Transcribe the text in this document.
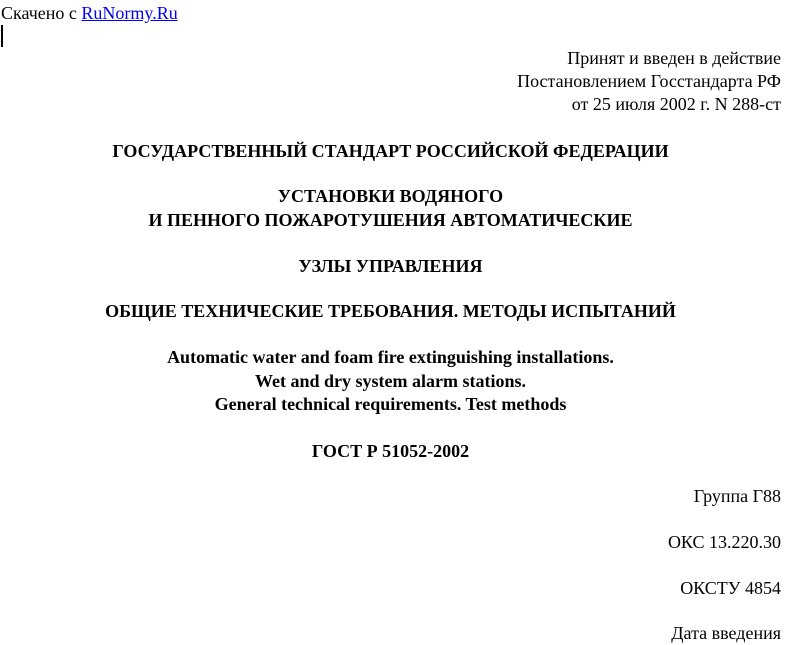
Скачено с RuNormy.Ru
Принят и введен в действие
Постановлением Госстандарта РФ
от 25 июля 2002 г. N 288-ст
ГОСУДАРСТВЕННЫЙ СТАНДАРТ РОССИЙСКОЙ ФЕДЕРАЦИИ
УСТАНОВКИ ВОДЯНОГО
И ПЕННОГО ПОЖАРОТУШЕНИЯ АВТОМАТИЧЕСКИЕ
УЗЛЫ УПРАВЛЕНИЯ
ОБЩИЕ ТЕХНИЧЕСКИЕ ТРЕБОВАНИЯ. МЕТОДЫ ИСПЫТАНИЙ
Automatic water and foam fire extinguishing installations.
Wet and dry system alarm stations.
General technical requirements. Test methods
ГОСТ Р 51052-2002
Группа Г88
ОКС 13.220.30
ОКСТУ 4854
Дата введения
